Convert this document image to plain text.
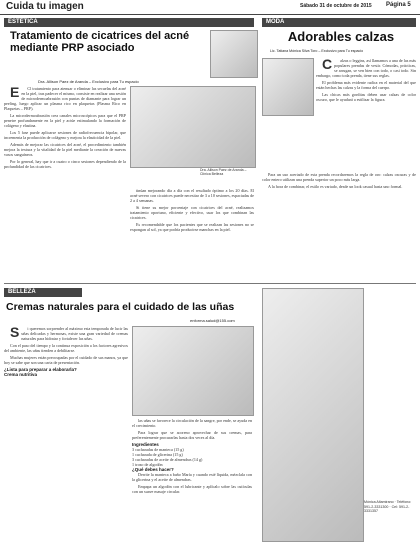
Cuida tu imagen	Sábado 31 de octubre de 2015 Página 5
ESTÉTICA
Tratamiento de cicatrices del acné mediante PRP asociado
Dra. Allison Paez de Aranda – Exclusivo para Tu espacio

E Cl tratamiento para atenuar o eliminar las secuelas del acné en la piel, tras padecer el mismo, consiste en realizar una sesión de microdermoabrasión con puntas de diamante para lograr un peeling, luego aplicar un plasma rico en plaquetas (Plasma Rico en Plaquetas – PRP).

La microdermoabrasión crea canales microscópicos para que el PRP penetre profundamente en la piel y actúe estimulando la formación de colágeno y elastina.

Los 5 fase puede aplicarse sesiones de radiofrecuencia bipolar, que incrementa la producción de colágeno y mejora la elasticidad de la piel.

Además de mejorar las cicatrices del acné, el procedimiento también mejora la textura y la vitalidad de la piel mediante la creación de nuevas vasos sanguíneos.

Por lo general, hay que ir a cuatro o cinco sesiones dependiendo de la profundidad de las cicatrices.

Dra. Allison Paez de Aranda – Clínica Belleza

tinúan mejorando día a día con el resultado óptimo a los 20 días. El acné severo con cicatrices puede necesitar de 3 a 10 sesiones, espaciadas de 2 a 4 semanas.

Si tiene su mejor porcentaje con cicatrices del acné, realizamos tratamiento oportuno, eficiente y efectivo, usar los que combinan las cicatrices.

Es recomendable que los pacientes que se realizan las sesiones no se expongan al sol, ya que podría producirse manchas en la piel.

MODA
Adorables calzas
Lic. Tatiana Mónica Silva Toro – Exclusivo para Tu espacio

C alzas o leggins, así llamamos a una de las más populares prendas de vestir. Cómodas, prácticas, se arrugan, se ven bien con todo, o casi todo. Sin embargo, como toda prenda, tiene sus reglas.

El problema más evidente radica en el material del que están hechas las calzas y la forma del cuerpo.

Las chicas más gorditas deben usar calzas de color oscuro, que le ayudará a estilizar la figura.

Para un uso acertado de esta prenda recordaremos la regla de oro: calzas oscuras y de color entero utilizan una prenda superior un poco más larga.

A la hora de combinar, el estilo es variado, desde un look casual hasta uno formal.

BELLEZA
Cremas naturales para el cuidado de las uñas
enforma.salud@155.com

S i queremos sorprender al máximo esta temporada de lucir las uñas delicadas y hermosas, existe una gran variedad de cremas naturales para hidratar y fortalecer las uñas.

Con el paso del tiempo y la continua exposición a los factores agresivos del ambiente, las uñas tienden a debilitarse.

Muchas mujeres están preocupadas por el cuidado de sus manos, ya que hoy se sabe que son una carta de presentación.

¿Lista para preparar a elaborarla?
Crema nutritiva

las uñas se favorece la circulación de la sangre, por ende, se ayuda en el crecimiento.

Para lograr que se acoreno aprovechar de sus cremas, para preferentemente procurarlas hasta dos veces al día.

Ingredientes
3 cucharadas de manteca (15 g)
1 cucharada de glicerina (15 g)
3 cucharadas de aceite de almendras (14 g)
1 trozo de algodón
¿Qué debes hacer?

Derrite la manteca a baño María y cuando esté líquida, mézclala con la glicerina y el aceite de almendras.

Empapa un algodón con el lubricante y aplícalo sobre las cutículas con un suave masaje circular.

Mónica Altamirano · Teléfono: 591-2-3331300 · Cel: 591-2-3331357
